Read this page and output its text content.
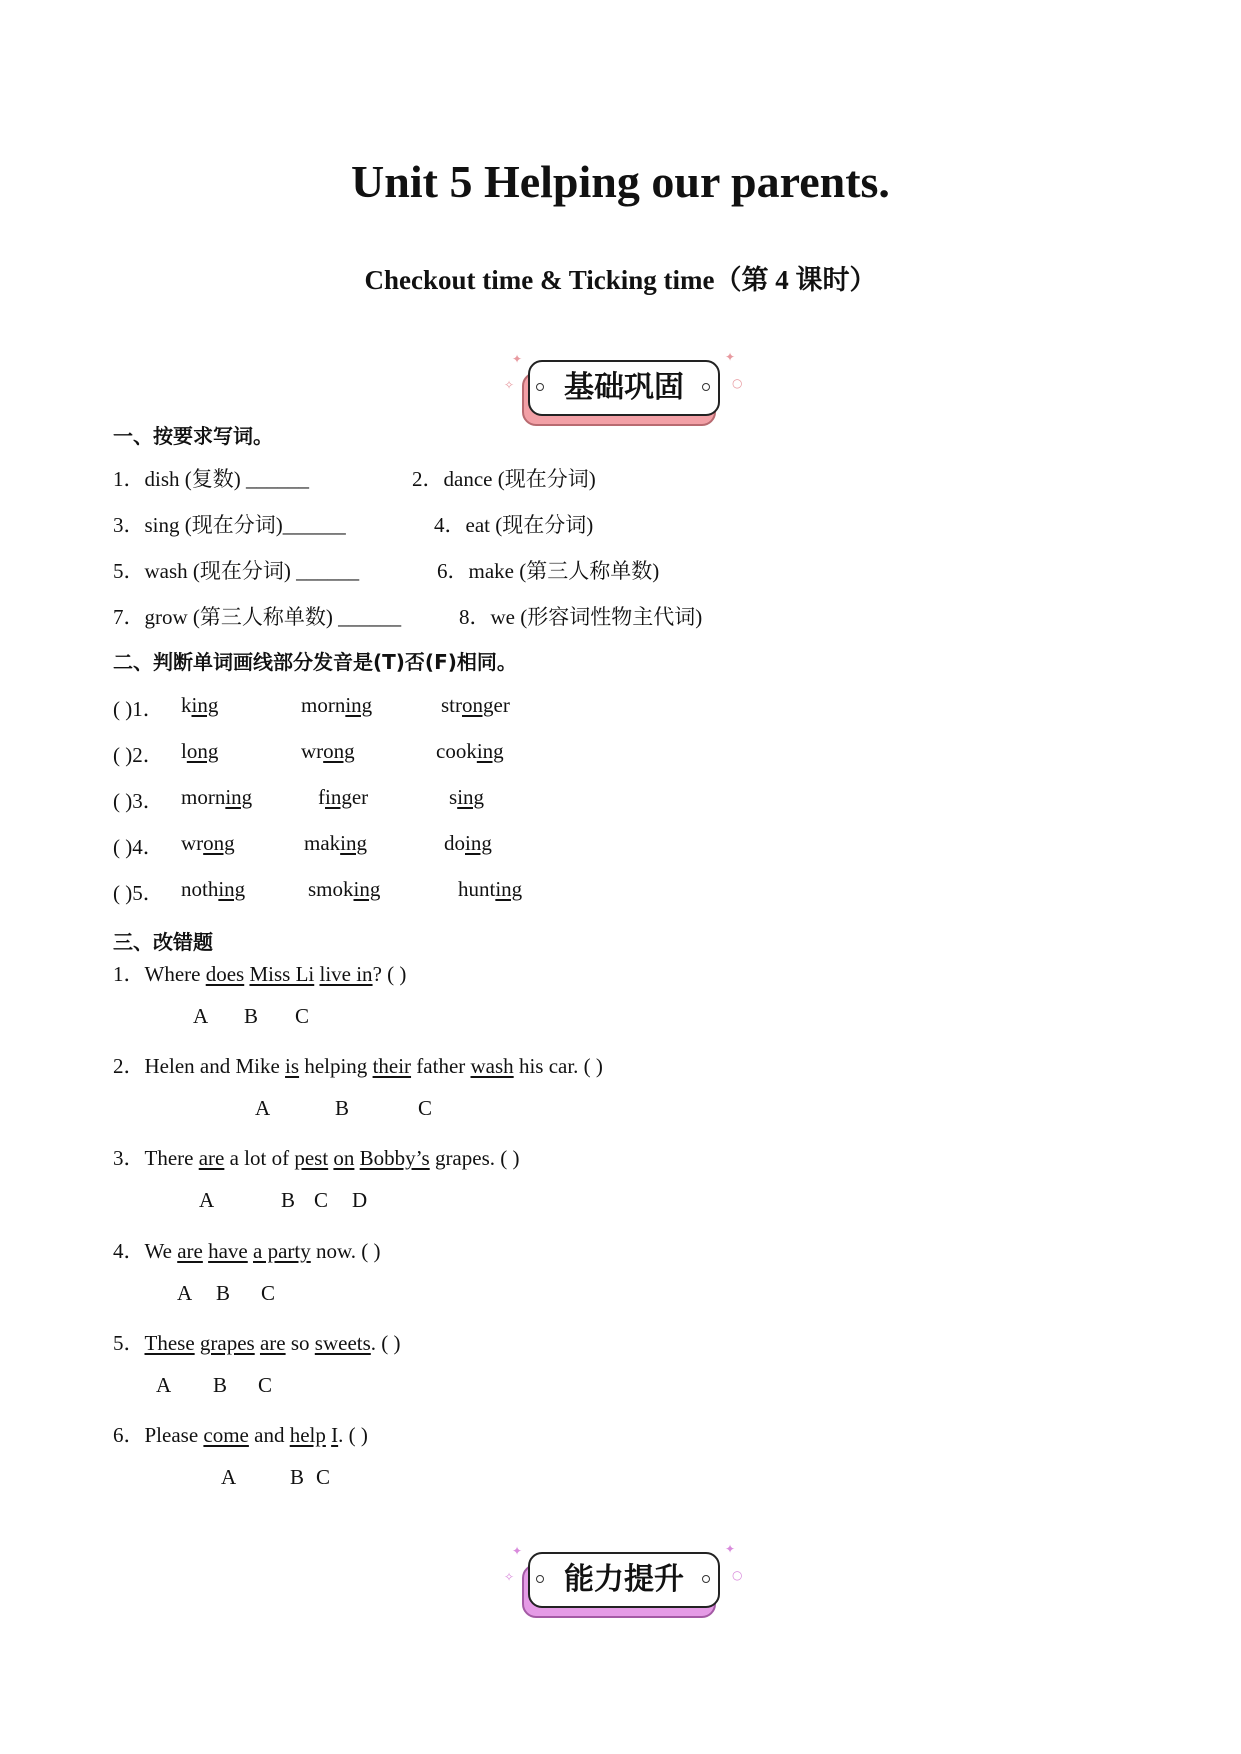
Unit 5 Helping our parents.
Checkout time & Ticking time（第 4 课时）
✦
✧
✦
○
基础巩固
一、按要求写词。
1．dish (复数) ______	2．dance (现在分词)
3．sing (现在分词)______	4．eat (现在分词)
5．wash (现在分词) ______	6．make (第三人称单数)
7．grow (第三人称单数) ______	8．we (形容词性物主代词)
二、判断单词画线部分发音是(T)否(F)相同。
( )1． king	morning	stronger
( )2． long	wrong	cooking
( )3． morning	finger	sing
( )4． wrong	making	doing
( )5． nothing	smoking	hunting
三、改错题
1．Where does Miss Li live in? ( )
A B C
2．Helen and Mike is helping their father wash his car. ( )
A	B	C
3．There are a lot of pest on Bobby’s grapes. ( )
A	B C D
4．We are have a party now. ( )
A B C
5．These grapes are so sweets. ( )
A B C
6．Please come and help I. ( )
A	B C
✦
✧
✦
○
能力提升
